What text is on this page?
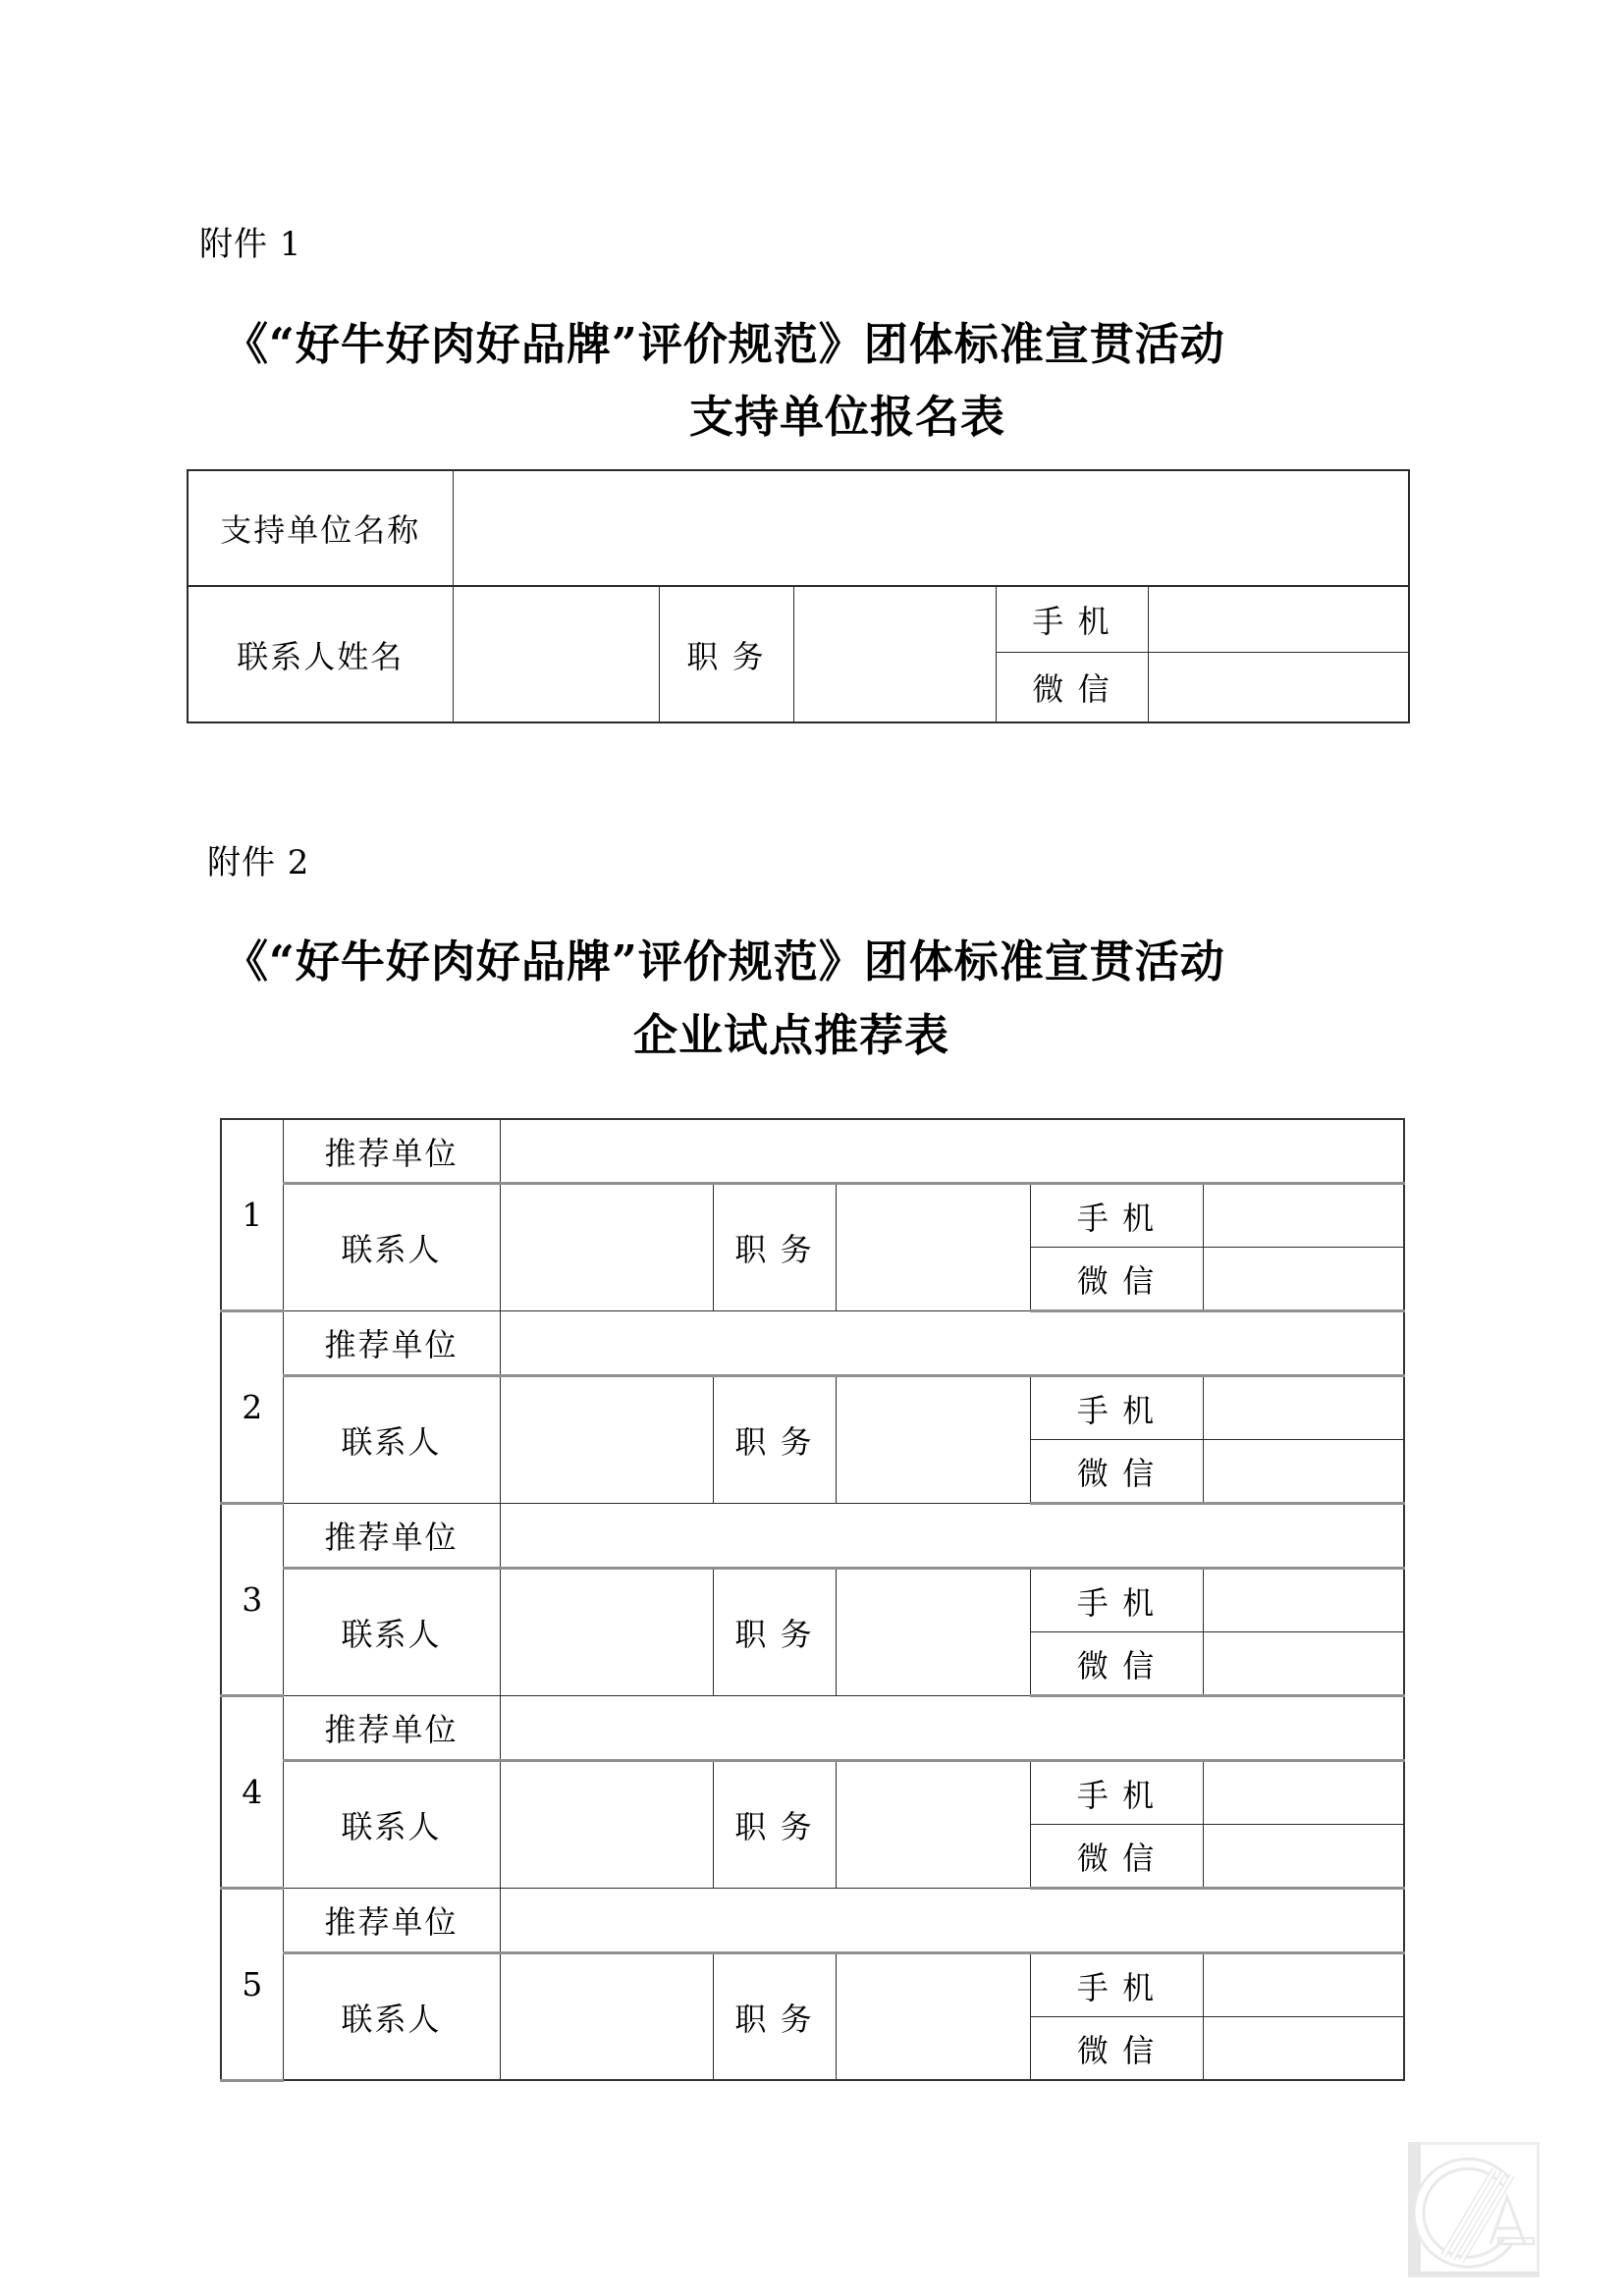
附件 1
《“好牛好肉好品牌”评价规范》团体标准宣贯活动
支持单位报名表
支持单位名称					
联系人姓名		职 务		手 机	
				微 信	
附件 2
《“好牛好肉好品牌”评价规范》团体标准宣贯活动
企业试点推荐表
1	推荐单位					
	联系人		职 务		手 机	
					微 信	
2	推荐单位					
	联系人		职 务		手 机	
					微 信	
3	推荐单位					
	联系人		职 务		手 机	
					微 信	
4	推荐单位					
	联系人		职 务		手 机	
					微 信	
5	推荐单位					
	联系人		职 务		手 机	
					微 信	
